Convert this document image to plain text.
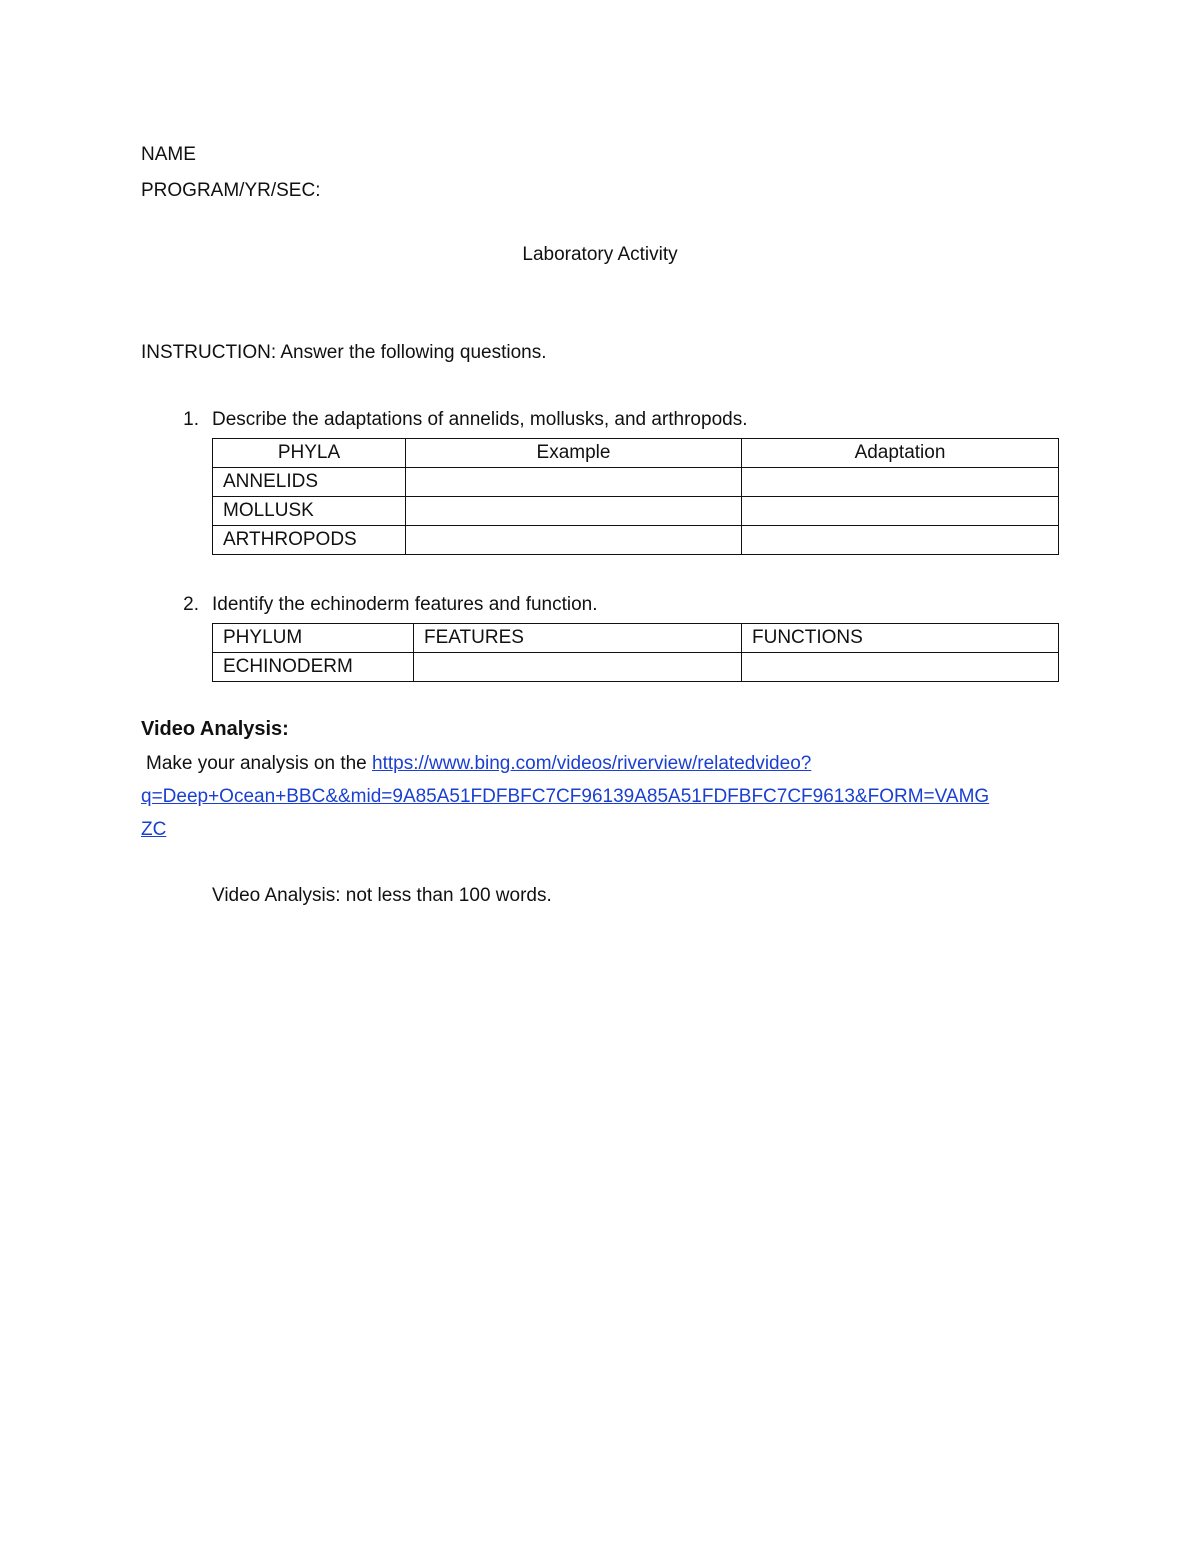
NAME
PROGRAM/YR/SEC:
Laboratory Activity
INSTRUCTION: Answer the following questions.
1. Describe the adaptations of annelids, mollusks, and arthropods.
PHYLA	Example	Adaptation
ANNELIDS		
MOLLUSK		
ARTHROPODS		
2. Identify the echinoderm features and function.
PHYLUM	FEATURES	FUNCTIONS
ECHINODERM		
Video Analysis:
Make your analysis on the https://www.bing.com/videos/riverview/relatedvideo?
q=Deep+Ocean+BBC&&mid=9A85A51FDFBFC7CF96139A85A51FDFBFC7CF9613&FORM=VAMG
ZC
Video Analysis: not less than 100 words.
